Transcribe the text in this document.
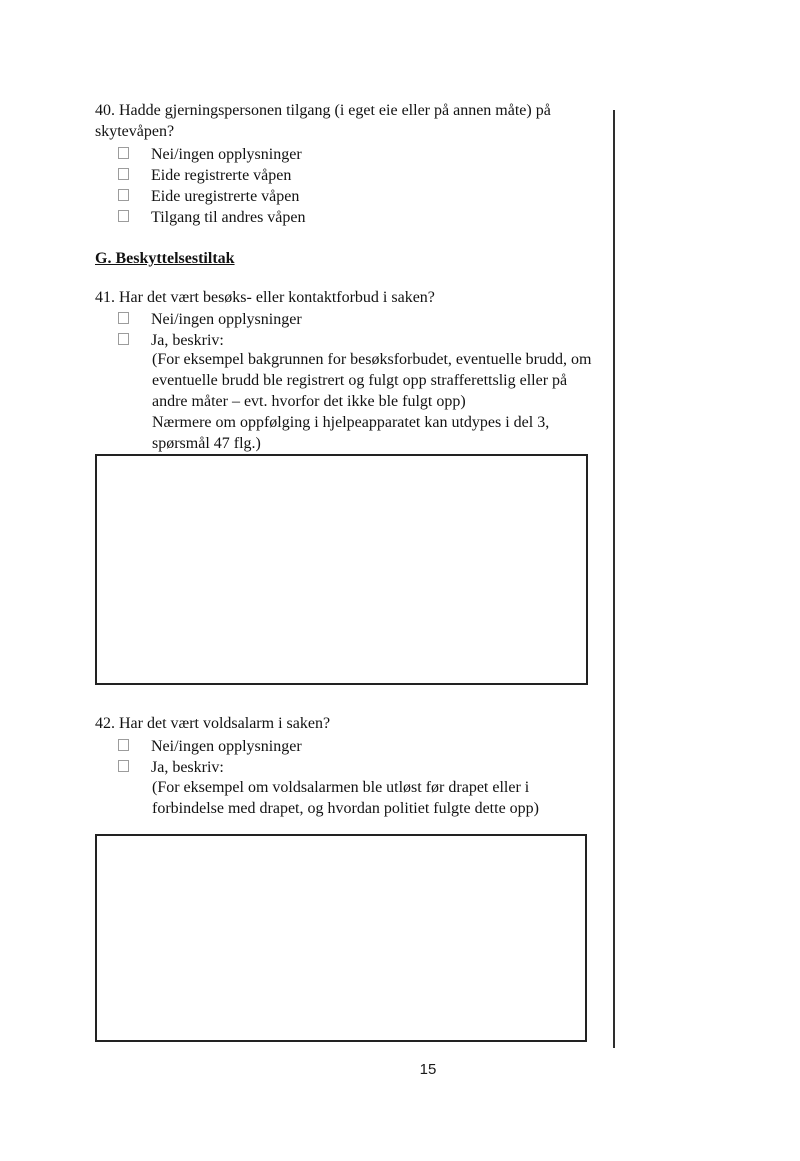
40. Hadde gjerningspersonen tilgang (i eget eie eller på annen måte) på skytevåpen?
Nei/ingen opplysninger
Eide registrerte våpen
Eide uregistrerte våpen
Tilgang til andres våpen
G. Beskyttelsestiltak
41. Har det vært besøks- eller kontaktforbud i saken?
Nei/ingen opplysninger
Ja, beskriv:
(For eksempel bakgrunnen for besøksforbudet, eventuelle brudd, om eventuelle brudd ble registrert og fulgt opp strafferettslig eller på andre måter – evt. hvorfor det ikke ble fulgt opp)
Nærmere om oppfølging i hjelpeapparatet kan utdypes i del 3, spørsmål 47 flg.)
42. Har det vært voldsalarm i saken?
Nei/ingen opplysninger
Ja, beskriv:
(For eksempel om voldsalarmen ble utløst før drapet eller i forbindelse med drapet, og hvordan politiet fulgte dette opp)
15
